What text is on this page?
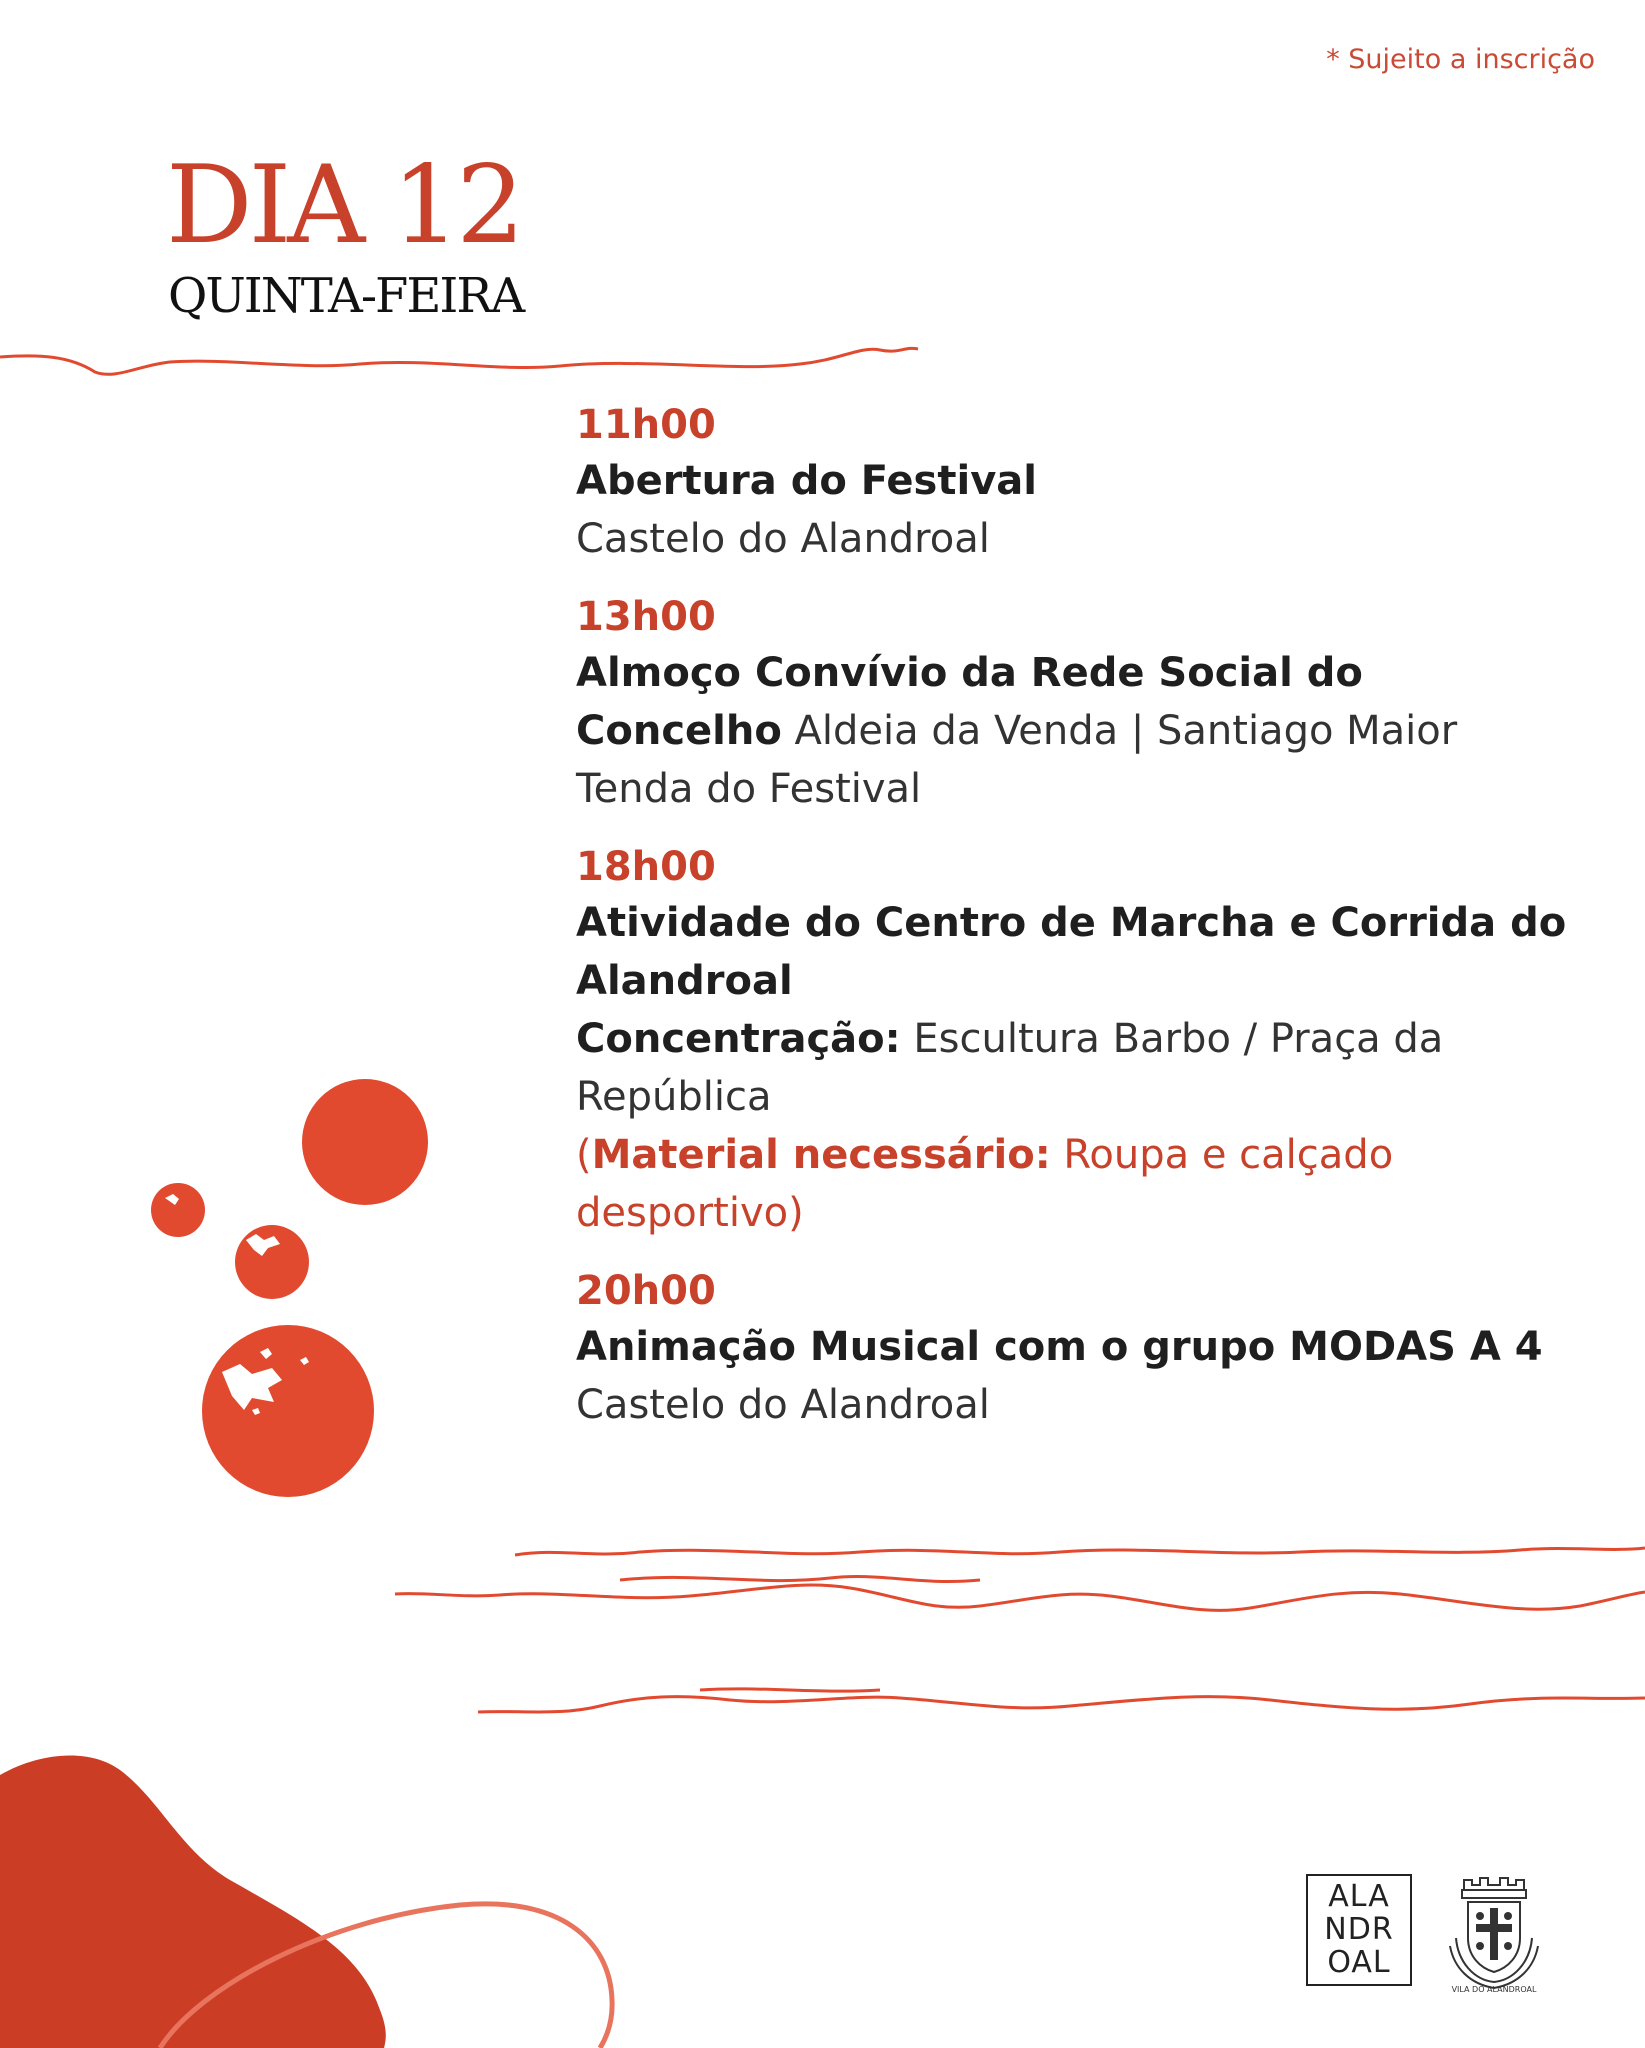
* Sujeito a inscrição
DIA 12
QUINTA-FEIRA
11h00
Abertura do Festival
Castelo do Alandroal
13h00
Almoço Convívio da Rede Social do
Concelho Aldeia da Venda | Santiago Maior
Tenda do Festival
18h00
Atividade do Centro de Marcha e Corrida do Alandroal
Concentração: Escultura Barbo / Praça da República
(Material necessário: Roupa e calçado desportivo)
20h00
Animação Musical com o grupo MODAS A 4
Castelo do Alandroal
ALA
NDR
OAL
VILA DO ALANDROAL
